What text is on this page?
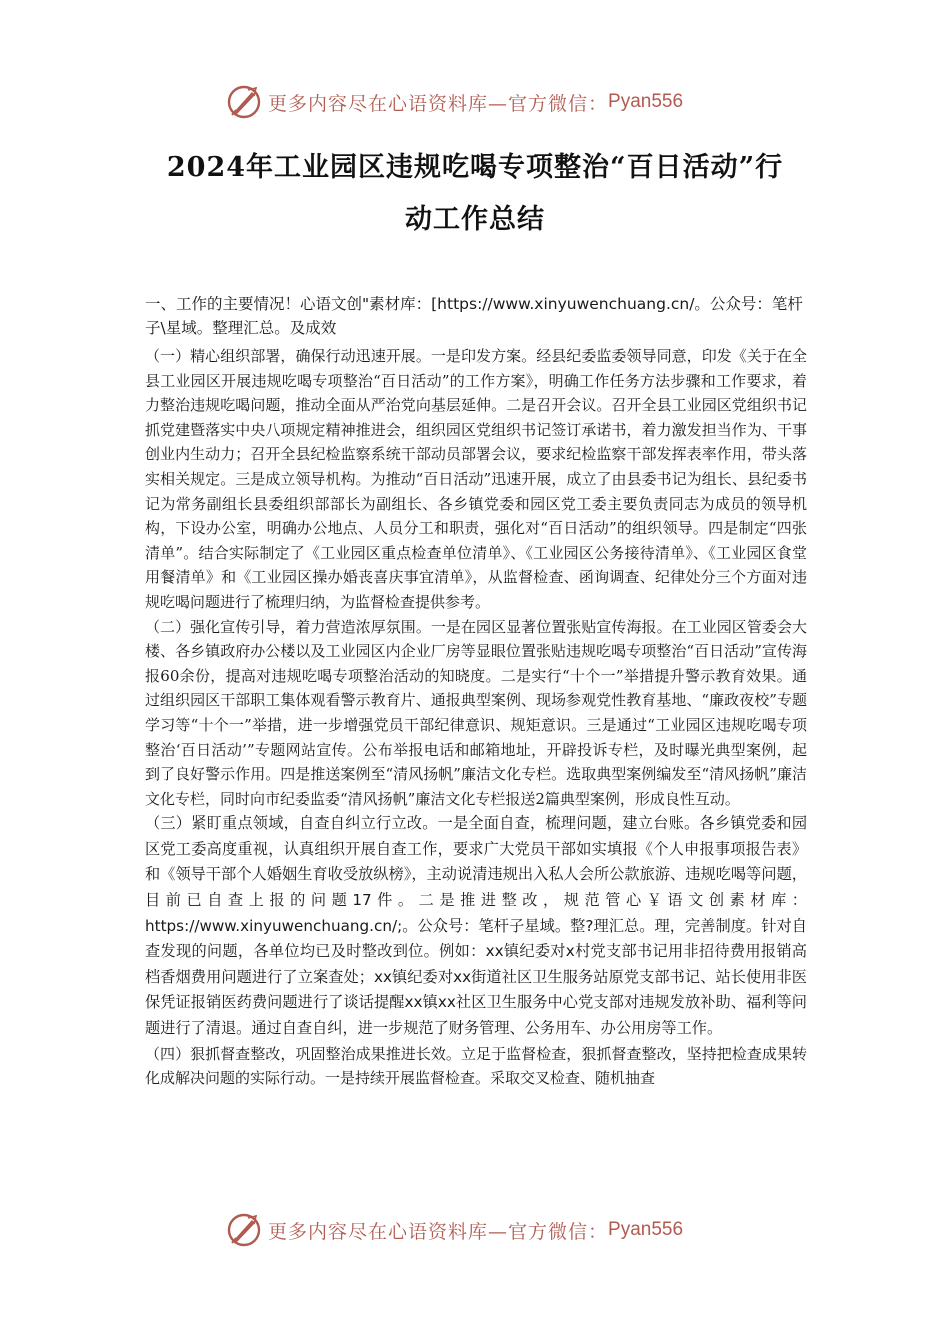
更多内容尽在心语资料库—官方微信： Pyan556
2024年工业园区违规吃喝专项整治“百日活动”行
动工作总结

一、工作的主要情况！心语文创"素材库：[https://www.xinyuwenchuang.cn/。公众号：笔杆子\星域。整理汇总。及成效

（一）精心组织部署，确保行动迅速开展。一是印发方案。经县纪委监委领导同意，印发《关于在全县工业园区开展违规吃喝专项整治“百日活动”的工作方案》，明确工作任务方法步骤和工作要求，着力整治违规吃喝问题，推动全面从严治党向基层延伸。二是召开会议。召开全县工业园区党组织书记抓党建暨落实中央八项规定精神推进会，组织园区党组织书记签订承诺书，着力激发担当作为、干事创业内生动力；召开全县纪检监察系统干部动员部署会议，要求纪检监察干部发挥表率作用，带头落实相关规定。三是成立领导机构。为推动“百日活动”迅速开展，成立了由县委书记为组长、县纪委书记为常务副组长县委组织部部长为副组长、各乡镇党委和园区党工委主要负责同志为成员的领导机构，下设办公室，明确办公地点、人员分工和职责，强化对“百日活动”的组织领导。四是制定“四张清单”。结合实际制定了《工业园区重点检查单位清单》、《工业园区公务接待清单》、《工业园区食堂用餐清单》和《工业园区操办婚丧喜庆事宜清单》，从监督检查、函询调查、纪律处分三个方面对违规吃喝问题进行了梳理归纳，为监督检查提供参考。

（二）强化宣传引导，着力营造浓厚氛围。一是在园区显著位置张贴宣传海报。在工业园区管委会大楼、各乡镇政府办公楼以及工业园区内企业厂房等显眼位置张贴违规吃喝专项整治“百日活动”宣传海报60余份，提高对违规吃喝专项整治活动的知晓度。二是实行“十个一”举措提升警示教育效果。通过组织园区干部职工集体观看警示教育片、通报典型案例、现场参观党性教育基地、“廉政夜校”专题学习等“十个一”举措，进一步增强党员干部纪律意识、规矩意识。三是通过“工业园区违规吃喝专项整治‘百日活动’”专题网站宣传。公布举报电话和邮箱地址，开辟投诉专栏，及时曝光典型案例，起到了良好警示作用。四是推送案例至“清风扬帆”廉洁文化专栏。选取典型案例编发至“清风扬帆”廉洁文化专栏，同时向市纪委监委“清风扬帆”廉洁文化专栏报送2篇典型案例，形成良性互动。

（三）紧盯重点领域，自查自纠立行立改。一是全面自查，梳理问题，建立台账。各乡镇党委和园区党工委高度重视，认真组织开展自查工作，要求广大党员干部如实填报《个人申报事项报告表》和《领导干部个人婚姻生育收受放纵榜》，主动说清违规出入私人会所公款旅游、违规吃喝等问题，目前已自查上报的问题17件。二是推进整改，规范管心￥语文创素材库：https://www.xinyuwenchuang.cn/;。公众号：笔杆子星域。整?理汇总。理，完善制度。针对自查发现的问题，各单位均已及时整改到位。例如：xx镇纪委对x村党支部书记用非招待费用报销高档香烟费用问题进行了立案查处；xx镇纪委对xx街道社区卫生服务站原党支部书记、站长使用非医保凭证报销医药费问题进行了谈话提醒xx镇xx社区卫生服务中心党支部对违规发放补助、福利等问题进行了清退。通过自查自纠，进一步规范了财务管理、公务用车、办公用房等工作。

（四）狠抓督查整改，巩固整治成果推进长效。立足于监督检查，狠抓督查整改，坚持把检查成果转化成解决问题的实际行动。一是持续开展监督检查。采取交叉检查、随机抽查

更多内容尽在心语资料库—官方微信： Pyan556
